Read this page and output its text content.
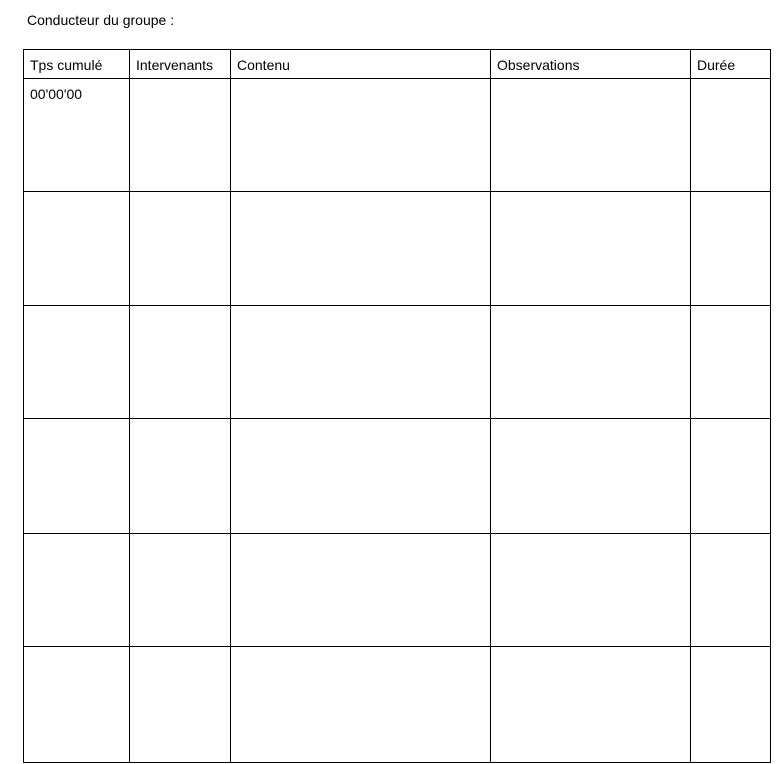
Conducteur du groupe :
Tps cumulé	Intervenants	Contenu	Observations	Durée
00'00'00				
